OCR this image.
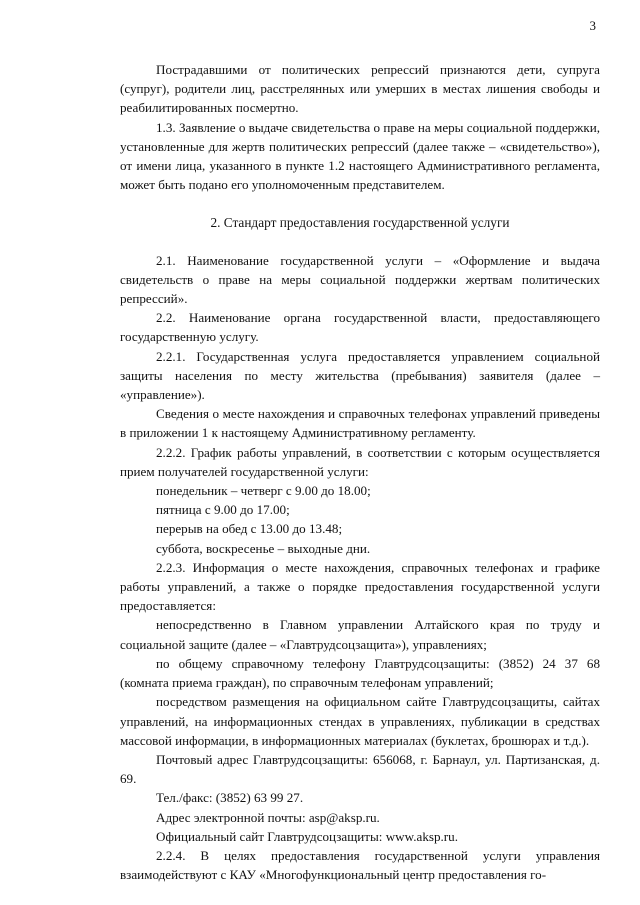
3

Пострадавшими от политических репрессий признаются дети, супруга (супруг), родители лиц, расстрелянных или умерших в местах лишения свободы и реабилитированных посмертно.

1.3. Заявление о выдаче свидетельства о праве на меры социальной поддержки, установленные для жертв политических репрессий (далее также – «свидетельство»), от имени лица, указанного в пункте 1.2 настоящего Административного регламента, может быть подано его уполномоченным представителем.

2. Стандарт предоставления государственной услуги

2.1. Наименование государственной услуги – «Оформление и выдача свидетельств о праве на меры социальной поддержки жертвам политических репрессий».

2.2. Наименование органа государственной власти, предоставляющего государственную услугу.

2.2.1. Государственная услуга предоставляется управлением социальной защиты населения по месту жительства (пребывания) заявителя (далее – «управление»).

Сведения о месте нахождения и справочных телефонах управлений приведены в приложении 1 к настоящему Административному регламенту.

2.2.2. График работы управлений, в соответствии с которым осуществляется прием получателей государственной услуги:

понедельник – четверг с 9.00 до 18.00;

пятница с 9.00 до 17.00;

перерыв на обед с 13.00 до 13.48;

суббота, воскресенье – выходные дни.

2.2.3. Информация о месте нахождения, справочных телефонах и графике работы управлений, а также о порядке предоставления государственной услуги предоставляется:

непосредственно в Главном управлении Алтайского края по труду и социальной защите (далее – «Главтрудсоцзащита»), управлениях;

по общему справочному телефону Главтрудсоцзащиты: (3852) 24 37 68 (комната приема граждан), по справочным телефонам управлений;

посредством размещения на официальном сайте Главтрудсоцзащиты, сайтах управлений, на информационных стендах в управлениях, публикации в средствах массовой информации, в информационных материалах (буклетах, брошюрах и т.д.).

Почтовый адрес Главтрудсоцзащиты: 656068, г. Барнаул, ул. Партизанская, д. 69.

Тел./факс: (3852) 63 99 27.

Адрес электронной почты: asp@aksp.ru.

Официальный сайт Главтрудсоцзащиты: www.aksp.ru.

2.2.4. В целях предоставления государственной услуги управления взаимодействуют с КАУ «Многофункциональный центр предоставления го-
